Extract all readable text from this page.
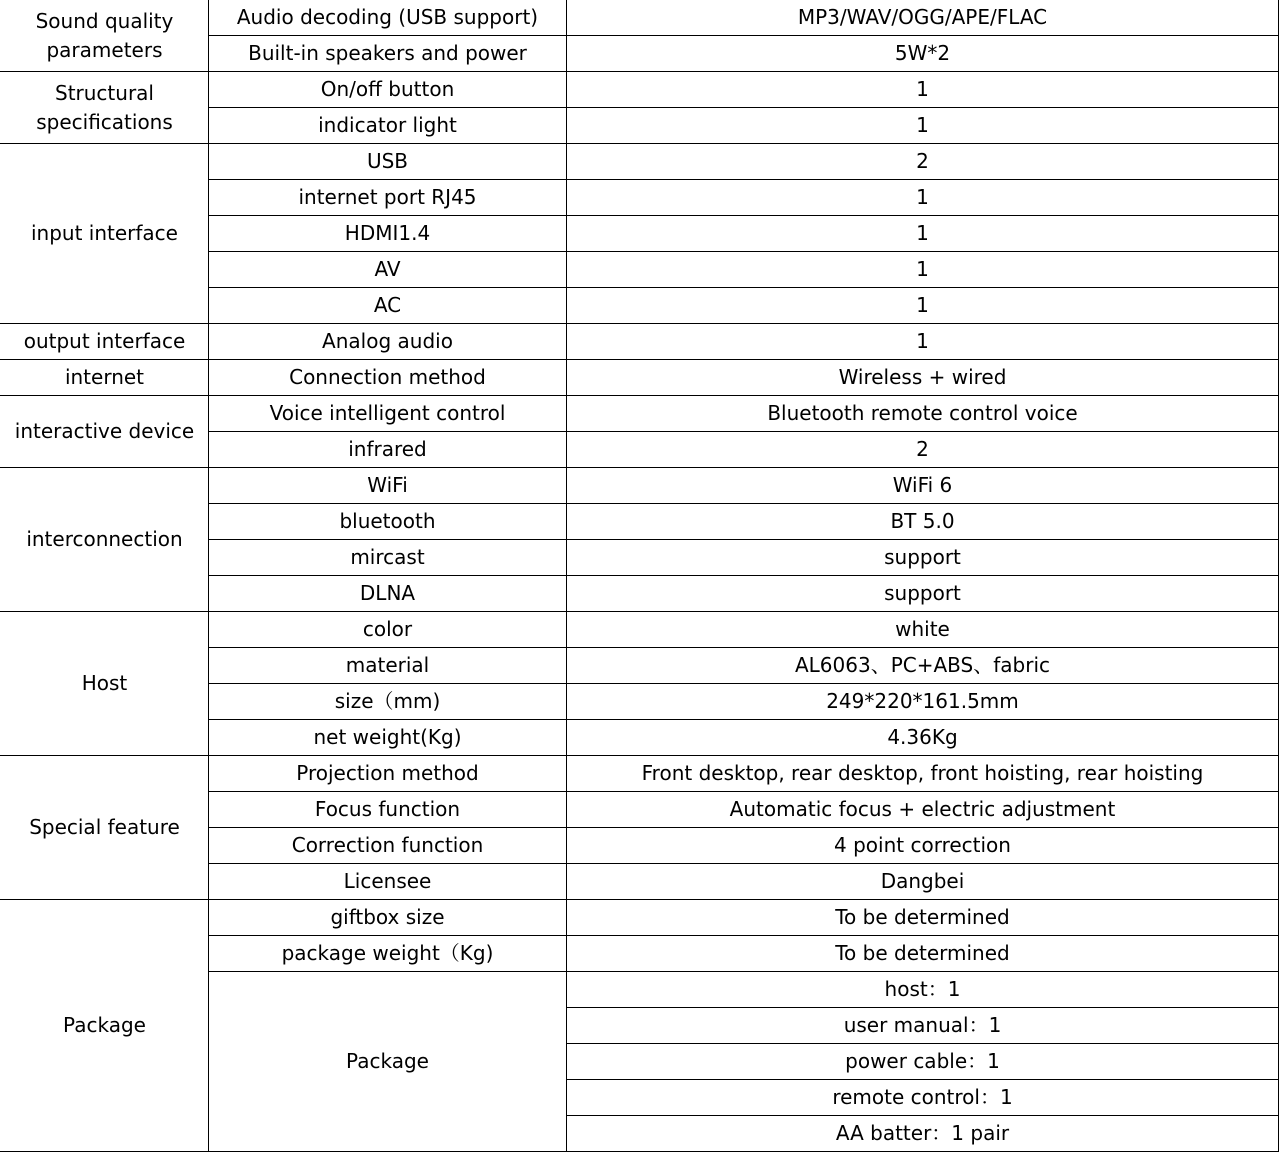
Sound quality parameters	Audio decoding (USB support)	MP3/WAV/OGG/APE/FLAC
	Built-in speakers and power	5W*2
Structural specifications	On/off button	1
	indicator light	1
input interface	USB	2
	internet port RJ45	1
	HDMI1.4	1
	AV	1
	AC	1
output interface	Analog audio	1
internet	Connection method	Wireless + wired
interactive device	Voice intelligent control	Bluetooth remote control voice
	infrared	2
interconnection	WiFi	WiFi 6
	bluetooth	BT 5.0
	mircast	support
	DLNA	support
Host	color	white
	material	AL6063、PC+ABS、fabric
	size（mm)	249*220*161.5mm
	net weight(Kg)	4.36Kg
Special feature	Projection method	Front desktop, rear desktop, front hoisting, rear hoisting
	Focus function	Automatic focus + electric adjustment
	Correction function	4 point correction
	Licensee	Dangbei
Package	giftbox size	To be determined
	package weight（Kg)	To be determined
	Package	host：1
		user manual：1
		power cable：1
		remote control：1
		AA batter：1 pair
